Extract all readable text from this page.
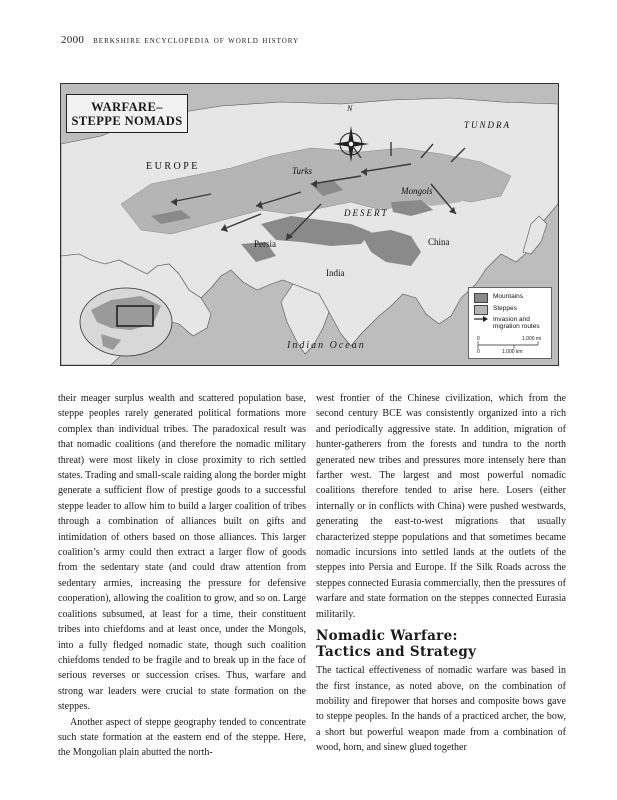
2000 berkshire encyclopedia of world history
WARFARE–
STEPPE NOMADS
N
TUNDRA
EUROPE	Turks
Mongols
DESERT
Persia	China
India
Indian Ocean
Mountains
Steppes
Invasion and
migration routes
0	1,000 mi
0	1,000 km

their meager surplus wealth and scattered population base, steppe peoples rarely generated political formations more complex than individual tribes. The paradoxical result was that nomadic coalitions (and therefore the nomadic military threat) were most likely in close proximity to rich settled states. Trading and small-scale raiding along the border might generate a sufficient flow of prestige goods to a successful steppe leader to allow him to build a larger coalition of tribes through a combination of alliances built on gifts and intimidation of others based on those alliances. This larger coalition’s army could then extract a larger flow of goods from the sedentary state (and could draw attention from sedentary armies, increasing the pressure for defensive cooperation), allowing the coalition to grow, and so on. Large coalitions subsumed, at least for a time, their constituent tribes into chiefdoms and at least once, under the Mongols, into a fully fledged nomadic state, though such coalition chiefdoms tended to be fragile and to break up in the face of serious reverses or succession crises. Thus, warfare and strong war leaders were crucial to state formation on the steppes.

Another aspect of steppe geography tended to concentrate such state formation at the eastern end of the steppe. Here, the Mongolian plain abutted the north-

west frontier of the Chinese civilization, which from the second century BCE was consistently organized into a rich and periodically aggressive state. In addition, migration of hunter-gatherers from the forests and tundra to the north generated new tribes and pressures more intensely here than farther west. The largest and most powerful nomadic coalitions therefore tended to arise here. Losers (either internally or in conflicts with China) were pushed westwards, generating the east-to-west migrations that usually characterized steppe populations and that sometimes became nomadic incursions into settled lands at the outlets of the steppes into Persia and Europe. If the Silk Roads across the steppes connected Eurasia commercially, then the pressures of warfare and state formation on the steppes connected Eurasia militarily.

Nomadic Warfare:
Tactics and Strategy

The tactical effectiveness of nomadic warfare was based in the first instance, as noted above, on the combination of mobility and firepower that horses and composite bows gave to steppe peoples. In the hands of a practiced archer, the bow, a short but powerful weapon made from a combination of wood, horn, and sinew glued together
